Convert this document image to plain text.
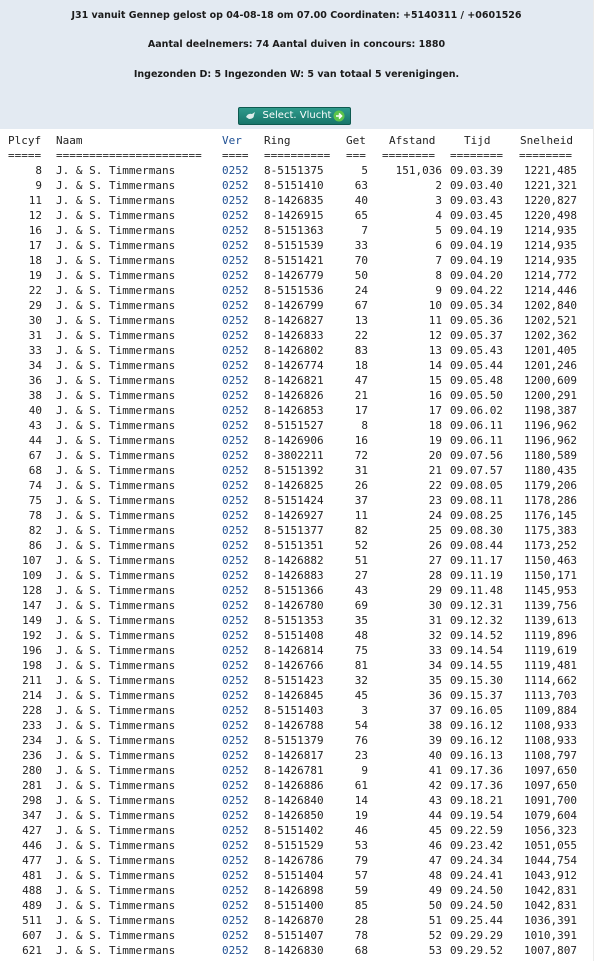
J31 vanuit Gennep gelost op 04-08-18 om 07.00 Coordinaten: +5140311 / +0601526
Aantal deelnemers: 74 Aantal duiven in concours: 1880
Ingezonden D: 5 Ingezonden W: 5 van totaal 5 verenigingen.
Select. Vlucht
Plcyf Naam	Ver Ring	Get Afstand	Tijd	Snelheid
===== ====================== ==== ========== === ======== ======== ========
8 J. & S. Timmermans	0252 8-5151375	5	151,036 09.03.39	1221,485
9 J. & S. Timmermans	0252 8-5151410	63	2 09.03.40	1221,321
11 J. & S. Timmermans	0252 8-1426835	40	3 09.03.43	1220,827
12 J. & S. Timmermans	0252 8-1426915	65	4 09.03.45	1220,498
16 J. & S. Timmermans	0252 8-5151363	7	5 09.04.19	1214,935
17 J. & S. Timmermans	0252 8-5151539	33	6 09.04.19	1214,935
18 J. & S. Timmermans	0252 8-5151421	70	7 09.04.19	1214,935
19 J. & S. Timmermans	0252 8-1426779	50	8 09.04.20	1214,772
22 J. & S. Timmermans	0252 8-5151536	24	9 09.04.22	1214,446
29 J. & S. Timmermans	0252 8-1426799	67	10 09.05.34	1202,840
30 J. & S. Timmermans	0252 8-1426827	13	11 09.05.36	1202,521
31 J. & S. Timmermans	0252 8-1426833	22	12 09.05.37	1202,362
33 J. & S. Timmermans	0252 8-1426802	83	13 09.05.43	1201,405
34 J. & S. Timmermans	0252 8-1426774	18	14 09.05.44	1201,246
36 J. & S. Timmermans	0252 8-1426821	47	15 09.05.48	1200,609
38 J. & S. Timmermans	0252 8-1426826	21	16 09.05.50	1200,291
40 J. & S. Timmermans	0252 8-1426853	17	17 09.06.02	1198,387
43 J. & S. Timmermans	0252 8-5151527	8	18 09.06.11	1196,962
44 J. & S. Timmermans	0252 8-1426906	16	19 09.06.11	1196,962
67 J. & S. Timmermans	0252 8-3802211	72	20 09.07.56	1180,589
68 J. & S. Timmermans	0252 8-5151392	31	21 09.07.57	1180,435
74 J. & S. Timmermans	0252 8-1426825	26	22 09.08.05	1179,206
75 J. & S. Timmermans	0252 8-5151424	37	23 09.08.11	1178,286
78 J. & S. Timmermans	0252 8-1426927	11	24 09.08.25	1176,145
82 J. & S. Timmermans	0252 8-5151377	82	25 09.08.30	1175,383
86 J. & S. Timmermans	0252 8-5151351	52	26 09.08.44	1173,252
107 J. & S. Timmermans	0252 8-1426882	51	27 09.11.17	1150,463
109 J. & S. Timmermans	0252 8-1426883	27	28 09.11.19	1150,171
128 J. & S. Timmermans	0252 8-5151366	43	29 09.11.48	1145,953
147 J. & S. Timmermans	0252 8-1426780	69	30 09.12.31	1139,756
149 J. & S. Timmermans	0252 8-5151353	35	31 09.12.32	1139,613
192 J. & S. Timmermans	0252 8-5151408	48	32 09.14.52	1119,896
196 J. & S. Timmermans	0252 8-1426814	75	33 09.14.54	1119,619
198 J. & S. Timmermans	0252 8-1426766	81	34 09.14.55	1119,481
211 J. & S. Timmermans	0252 8-5151423	32	35 09.15.30	1114,662
214 J. & S. Timmermans	0252 8-1426845	45	36 09.15.37	1113,703
228 J. & S. Timmermans	0252 8-5151403	3	37 09.16.05	1109,884
233 J. & S. Timmermans	0252 8-1426788	54	38 09.16.12	1108,933
234 J. & S. Timmermans	0252 8-5151379	76	39 09.16.12	1108,933
236 J. & S. Timmermans	0252 8-1426817	23	40 09.16.13	1108,797
280 J. & S. Timmermans	0252 8-1426781	9	41 09.17.36	1097,650
281 J. & S. Timmermans	0252 8-1426886	61	42 09.17.36	1097,650
298 J. & S. Timmermans	0252 8-1426840	14	43 09.18.21	1091,700
347 J. & S. Timmermans	0252 8-1426850	19	44 09.19.54	1079,604
427 J. & S. Timmermans	0252 8-5151402	46	45 09.22.59	1056,323
446 J. & S. Timmermans	0252 8-5151529	53	46 09.23.42	1051,055
477 J. & S. Timmermans	0252 8-1426786	79	47 09.24.34	1044,754
481 J. & S. Timmermans	0252 8-5151404	57	48 09.24.41	1043,912
488 J. & S. Timmermans	0252 8-1426898	59	49 09.24.50	1042,831
489 J. & S. Timmermans	0252 8-5151400	85	50 09.24.50	1042,831
511 J. & S. Timmermans	0252 8-1426870	28	51 09.25.44	1036,391
607 J. & S. Timmermans	0252 8-5151407	78	52 09.29.29	1010,391
621 J. & S. Timmermans	0252 8-1426830	68	53 09.29.52	1007,807
